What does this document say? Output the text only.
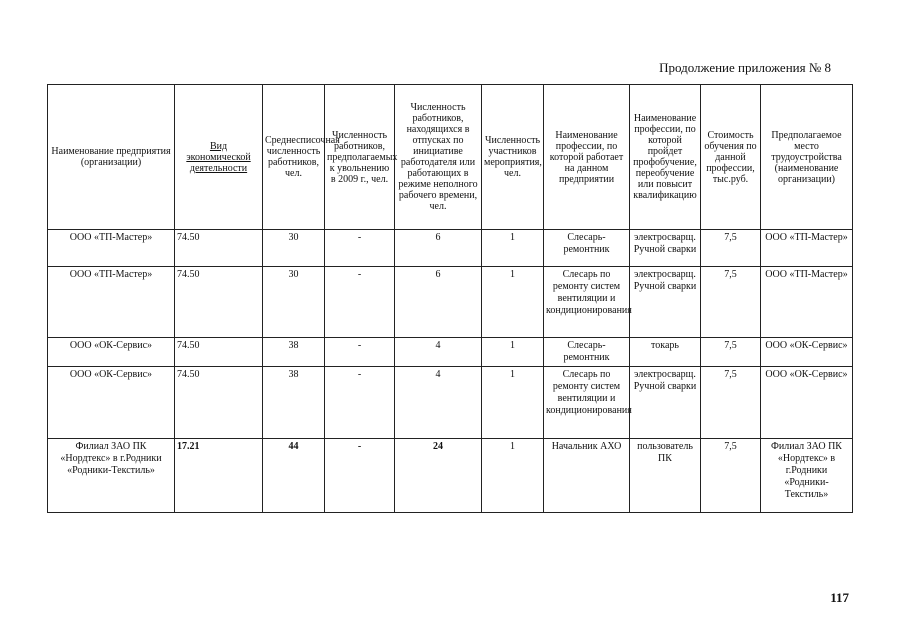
Продолжение приложения № 8
Наименование предприятия (организации)	Вид экономической деятельности	Среднесписочная численность работников, чел.	Численность работников, предполагаемых к увольнению в 2009 г., чел.	Численность работников, находящихся в отпусках по инициативе работодателя или работающих в режиме неполного рабочего времени, чел.	Численность участников мероприятия, чел.	Наименование профессии, по которой работает на данном предприятии	Наименование профессии, по которой пройдет профобучение, переобучение или повысит квалификацию	Стоимость обучения по данной профессии, тыс.руб.	Предполагаемое место трудоустройства (наименование организации)
ООО «ТП-Мастер»	74.50	30	-	6	1	Слесарь-ремонтник	электросварщ. Ручной сварки	7,5	ООО «ТП-Мастер»
ООО «ТП-Мастер»	74.50	30	-	6	1	Слесарь по ремонту систем вентиляции и кондиционирования	электросварщ. Ручной сварки	7,5	ООО «ТП-Мастер»
ООО «ОК-Сервис»	74.50	38	-	4	1	Слесарь-ремонтник	токарь	7,5	ООО «ОК-Сервис»
ООО «ОК-Сервис»	74.50	38	-	4	1	Слесарь по ремонту систем вентиляции и кондиционирования	электросварщ. Ручной сварки	7,5	ООО «ОК-Сервис»
Филиал ЗАО ПК «Нордтекс» в г.Родники «Родники-Текстиль»	17.21	44	-	24	1	Начальник АХО	пользователь ПК	7,5	Филиал ЗАО ПК «Нордтекс» в г.Родники «Родники-Текстиль»
117
